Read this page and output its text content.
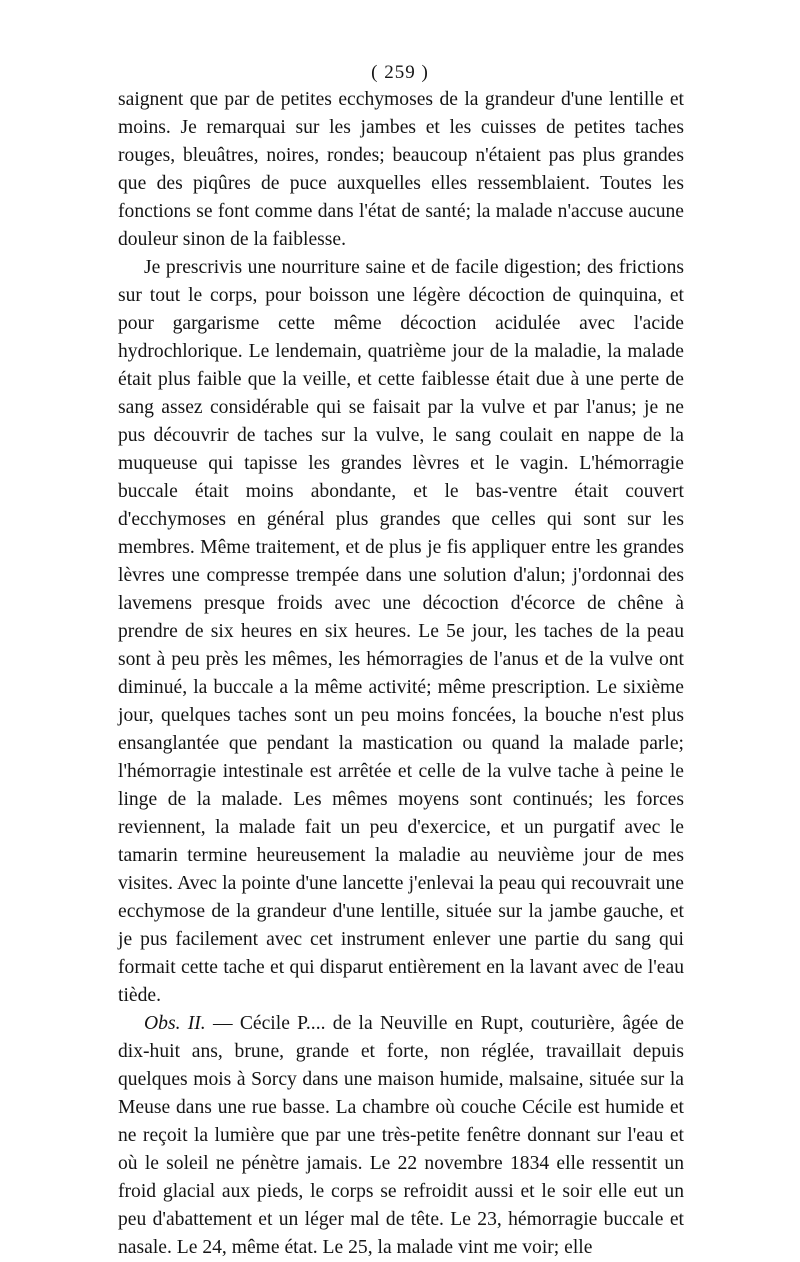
( 259 )

saignent que par de petites ecchymoses de la grandeur d'une lentille et moins. Je remarquai sur les jambes et les cuisses de petites taches rouges, bleuâtres, noires, rondes; beaucoup n'étaient pas plus grandes que des piqûres de puce auxquelles elles ressemblaient. Toutes les fonctions se font comme dans l'état de santé; la malade n'accuse aucune douleur sinon de la faiblesse.

Je prescrivis une nourriture saine et de facile digestion; des frictions sur tout le corps, pour boisson une légère décoction de quinquina, et pour gargarisme cette même décoction acidulée avec l'acide hydrochlorique. Le lendemain, quatrième jour de la maladie, la malade était plus faible que la veille, et cette faiblesse était due à une perte de sang assez considérable qui se faisait par la vulve et par l'anus; je ne pus découvrir de taches sur la vulve, le sang coulait en nappe de la muqueuse qui tapisse les grandes lèvres et le vagin. L'hémorragie buccale était moins abondante, et le bas-ventre était couvert d'ecchymoses en général plus grandes que celles qui sont sur les membres. Même traitement, et de plus je fis appliquer entre les grandes lèvres une compresse trempée dans une solution d'alun; j'ordonnai des lavemens presque froids avec une décoction d'écorce de chêne à prendre de six heures en six heures. Le 5e jour, les taches de la peau sont à peu près les mêmes, les hémorragies de l'anus et de la vulve ont diminué, la buccale a la même activité; même prescription. Le sixième jour, quelques taches sont un peu moins foncées, la bouche n'est plus ensanglantée que pendant la mastication ou quand la malade parle; l'hémorragie intestinale est arrêtée et celle de la vulve tache à peine le linge de la malade. Les mêmes moyens sont continués; les forces reviennent, la malade fait un peu d'exercice, et un purgatif avec le tamarin termine heureusement la maladie au neuvième jour de mes visites. Avec la pointe d'une lancette j'enlevai la peau qui recouvrait une ecchymose de la grandeur d'une lentille, située sur la jambe gauche, et je pus facilement avec cet instrument enlever une partie du sang qui formait cette tache et qui disparut entièrement en la lavant avec de l'eau tiède.

Obs. II. — Cécile P.... de la Neuville en Rupt, couturière, âgée de dix-huit ans, brune, grande et forte, non réglée, travaillait depuis quelques mois à Sorcy dans une maison humide, malsaine, située sur la Meuse dans une rue basse. La chambre où couche Cécile est humide et ne reçoit la lumière que par une très-petite fenêtre donnant sur l'eau et où le soleil ne pénètre jamais. Le 22 novembre 1834 elle ressentit un froid glacial aux pieds, le corps se refroidit aussi et le soir elle eut un peu d'abattement et un léger mal de tête. Le 23, hémorragie buccale et nasale. Le 24, même état. Le 25, la malade vint me voir; elle
